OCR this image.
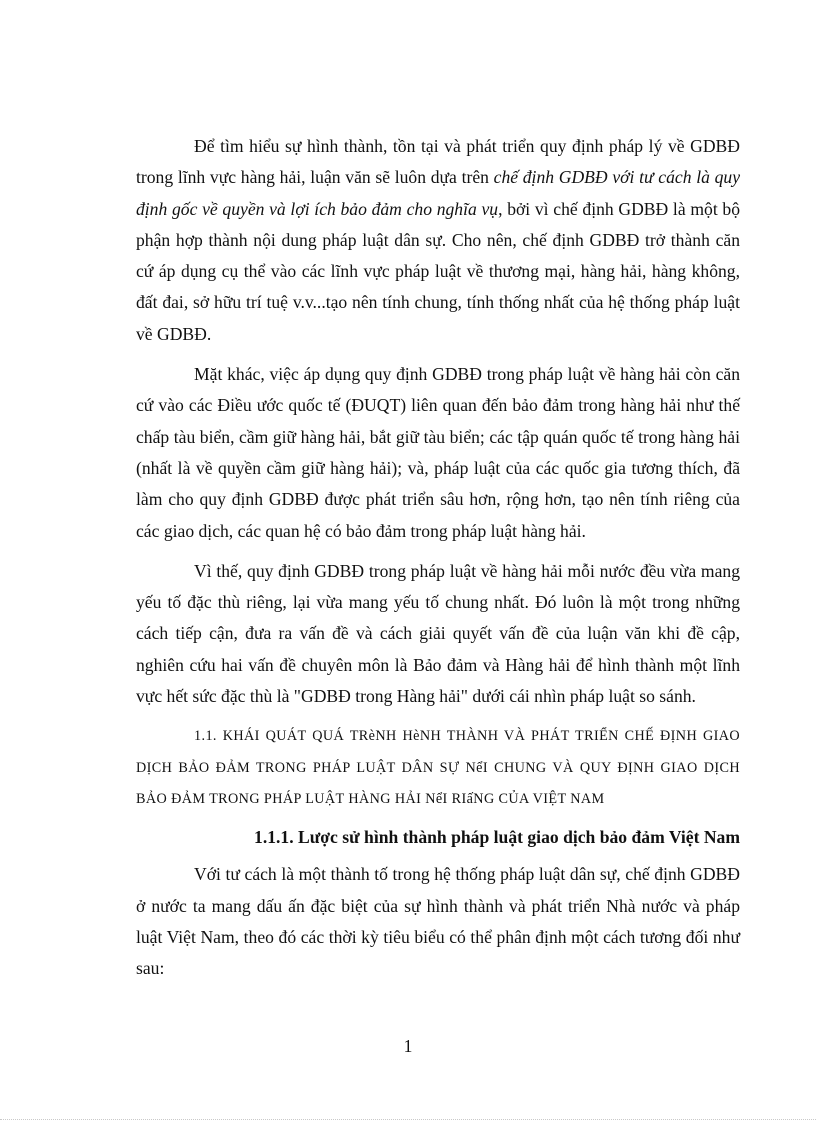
Để tìm hiểu sự hình thành, tồn tại và phát triển quy định pháp lý về GDBĐ trong lĩnh vực hàng hải, luận văn sẽ luôn dựa trên chế định GDBĐ với tư cách là quy định gốc về quyền và lợi ích bảo đảm cho nghĩa vụ, bởi vì chế định GDBĐ là một bộ phận hợp thành nội dung pháp luật dân sự. Cho nên, chế định GDBĐ trở thành căn cứ áp dụng cụ thể vào các lĩnh vực pháp luật về thương mại, hàng hải, hàng không, đất đai, sở hữu trí tuệ v.v...tạo nên tính chung, tính thống nhất của hệ thống pháp luật về GDBĐ.

Mặt khác, việc áp dụng quy định GDBĐ trong pháp luật về hàng hải còn căn cứ vào các Điều ước quốc tế (ĐUQT) liên quan đến bảo đảm trong hàng hải như thế chấp tàu biển, cầm giữ hàng hải, bắt giữ tàu biển; các tập quán quốc tế trong hàng hải (nhất là về quyền cầm giữ hàng hải); và, pháp luật của các quốc gia tương thích, đã làm cho quy định GDBĐ được phát triển sâu hơn, rộng hơn, tạo nên tính riêng của các giao dịch, các quan hệ có bảo đảm trong pháp luật hàng hải.

Vì thế, quy định GDBĐ trong pháp luật về hàng hải mỗi nước đều vừa mang yếu tố đặc thù riêng, lại vừa mang yếu tố chung nhất. Đó luôn là một trong những cách tiếp cận, đưa ra vấn đề và cách giải quyết vấn đề của luận văn khi đề cập, nghiên cứu hai vấn đề chuyên môn là Bảo đảm và Hàng hải để hình thành một lĩnh vực hết sức đặc thù là "GDBĐ trong Hàng hải" dưới cái nhìn pháp luật so sánh.

1.1. KHÁI QUÁT QUÁ TRèNH HèNH THÀNH VÀ PHÁT TRIỂN CHẾ ĐỊNH GIAO DỊCH BẢO ĐẢM TRONG PHÁP LUẬT DÂN SỰ NểI CHUNG VÀ QUY ĐỊNH GIAO DỊCH BẢO ĐẢM TRONG PHÁP LUẬT HÀNG HẢI NểI RIấNG CỦA VIỆT NAM

1.1.1. Lược sử hình thành pháp luật giao dịch bảo đảm Việt Nam

Với tư cách là một thành tố trong hệ thống pháp luật dân sự, chế định GDBĐ ở nước ta mang dấu ấn đặc biệt của sự hình thành và phát triển Nhà nước và pháp luật Việt Nam, theo đó các thời kỳ tiêu biểu có thể phân định một cách tương đối như sau:

1
